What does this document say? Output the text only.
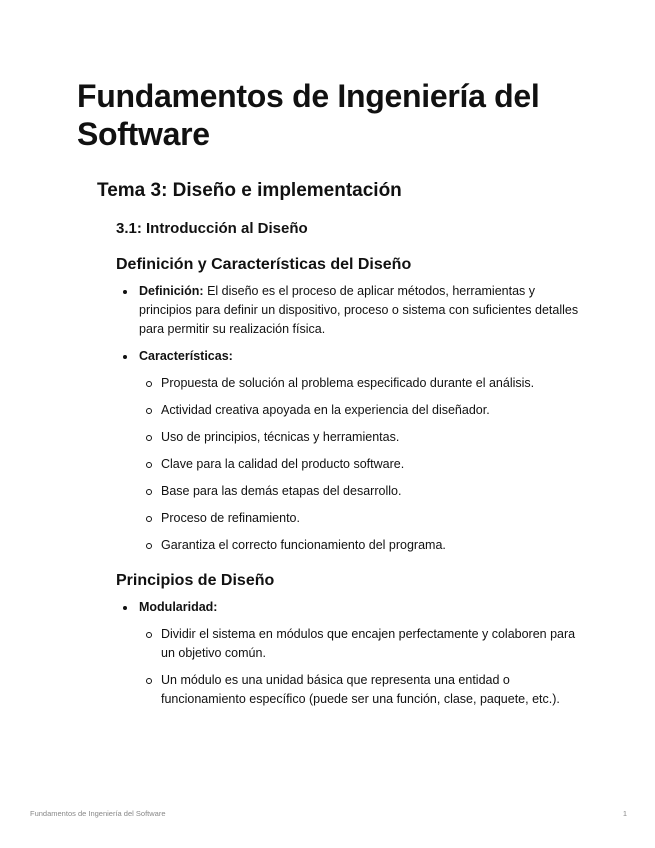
Fundamentos de Ingeniería del Software
Tema 3: Diseño e implementación
3.1: Introducción al Diseño
Definición y Características del Diseño
Definición: El diseño es el proceso de aplicar métodos, herramientas y principios para definir un dispositivo, proceso o sistema con suficientes detalles para permitir su realización física.
Características:
Propuesta de solución al problema especificado durante el análisis.
Actividad creativa apoyada en la experiencia del diseñador.
Uso de principios, técnicas y herramientas.
Clave para la calidad del producto software.
Base para las demás etapas del desarrollo.
Proceso de refinamiento.
Garantiza el correcto funcionamiento del programa.
Principios de Diseño
Modularidad:
Dividir el sistema en módulos que encajen perfectamente y colaboren para un objetivo común.
Un módulo es una unidad básica que representa una entidad o funcionamiento específico (puede ser una función, clase, paquete, etc.).
Fundamentos de Ingeniería del Software	1
